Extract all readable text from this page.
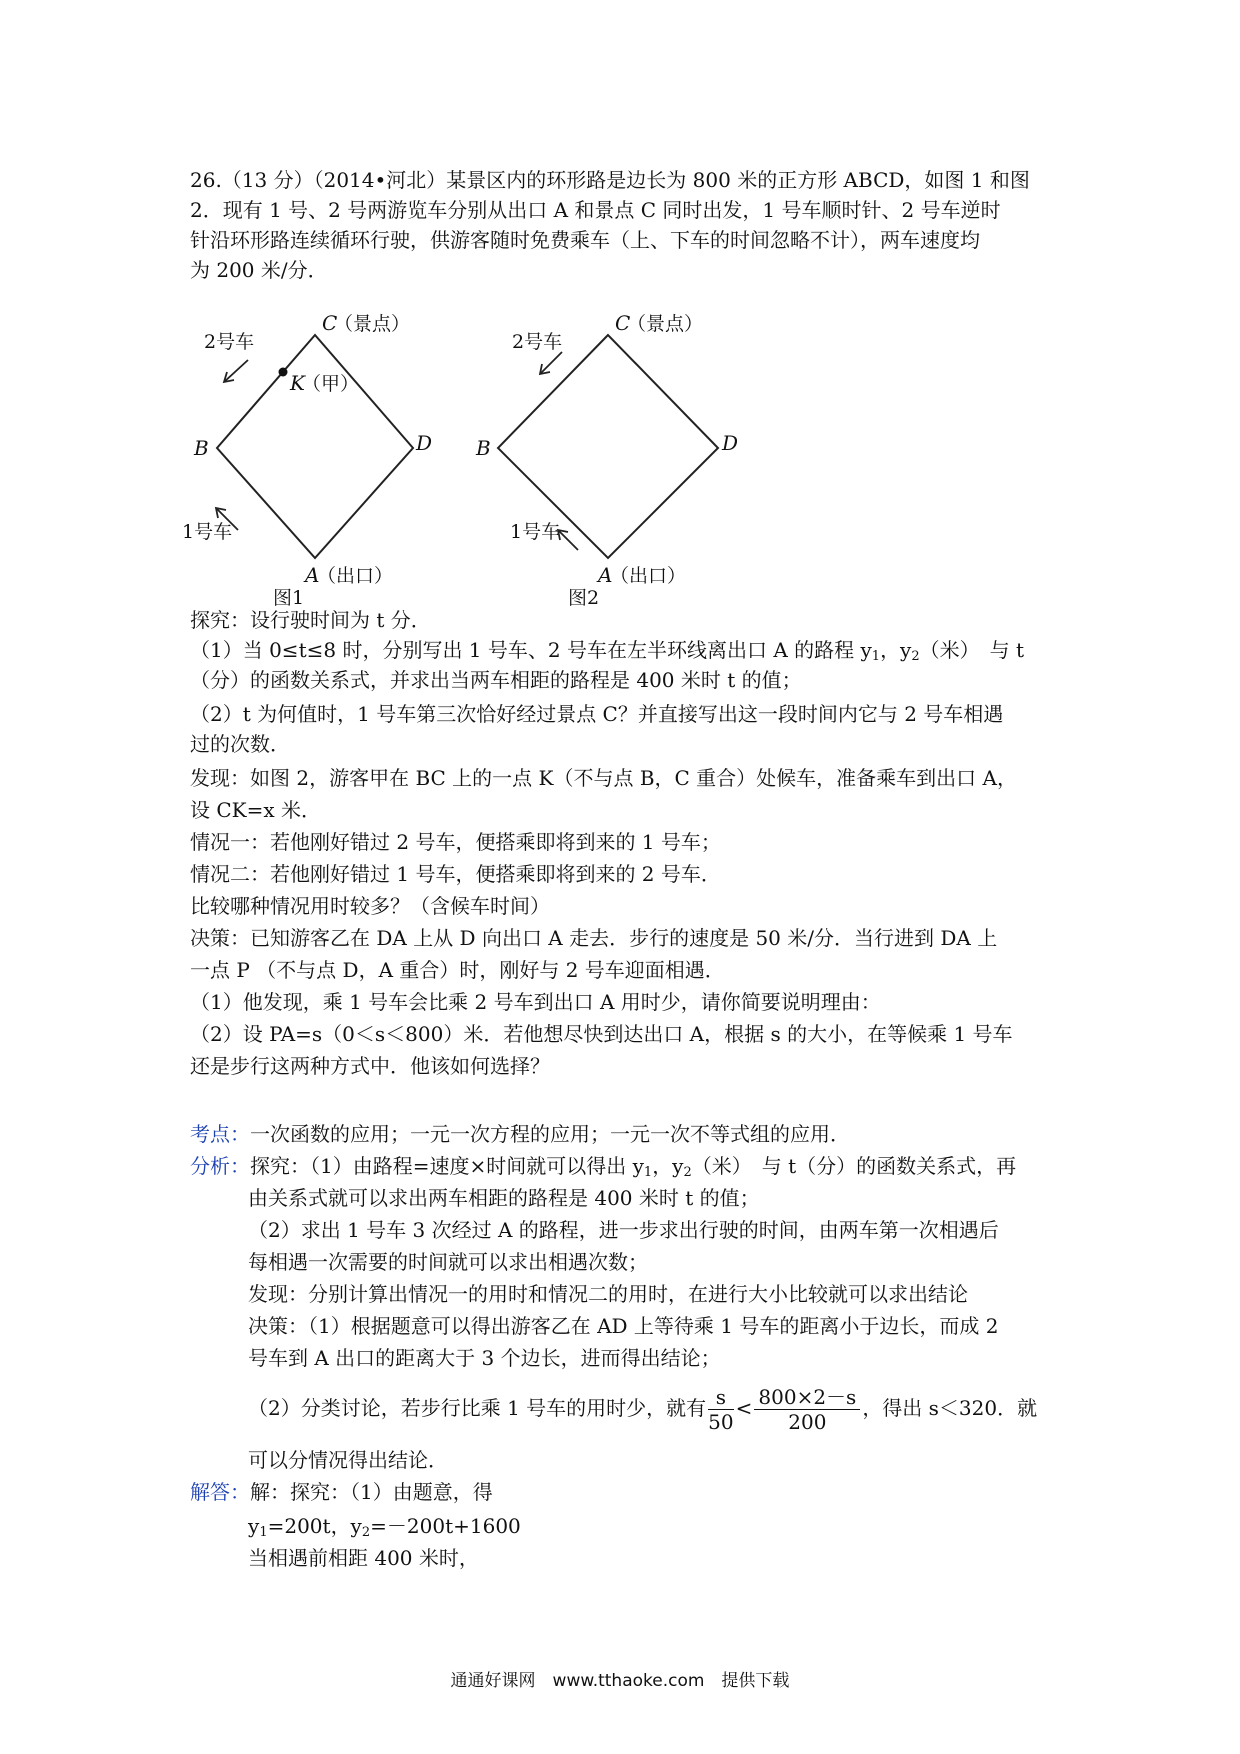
26.（13 分）（2014•河北）某景区内的环形路是边长为 800 米的正方形 ABCD，如图 1 和图
2．现有 1 号、2 号两游览车分别从出口 A 和景点 C 同时出发，1 号车顺时针、2 号车逆时
针沿环形路连续循环行驶，供游客随时免费乘车（上、下车的时间忽略不计），两车速度均
为 200 米/分．
C
（景点）
K
（甲）
B	D
A
（出口）
2号车
1号车
图1
C
（景点）
B	D
A
（出口）
2号车
1号车
图2
探究：设行驶时间为 t 分．
（1）当 0≤t≤8 时，分别写出 1 号车、2 号车在左半环线离出口 A 的路程 $y_1$，$y_2$（米）　与 t
（分）的函数关系式，并求出当两车相距的路程是 400 米时 t 的值；
（2）t 为何值时，1 号车第三次恰好经过景点 C？并直接写出这一段时间内它与 2 号车相遇
过的次数．
发现：如图 2，游客甲在 BC 上的一点 K（不与点 B，C 重合）处候车，准备乘车到出口 A，
设 CK=x 米．
情况一：若他刚好错过 2 号车，便搭乘即将到来的 1 号车；
情况二：若他刚好错过 1 号车，便搭乘即将到来的 2 号车．
比较哪种情况用时较多？（含候车时间）
决策：已知游客乙在 DA 上从 D 向出口 A 走去．步行的速度是 50 米/分．当行进到 DA 上
一点 P （不与点 D，A 重合）时，刚好与 2 号车迎面相遇．
（1）他发现，乘 1 号车会比乘 2 号车到出口 A 用时少，请你简要说明理由：
（2）设 PA=s（0＜s＜800）米．若他想尽快到达出口 A，根据 s 的大小，在等候乘 1 号车
还是步行这两种方式中．他该如何选择？
考点：一次函数的应用；一元一次方程的应用；一元一次不等式组的应用．
分析：探究：（1）由路程=速度×时间就可以得出 $y_1$，$y_2$（米）　与 t（分）的函数关系式，再
由关系式就可以求出两车相距的路程是 400 米时 t 的值；
（2）求出 1 号车 3 次经过 A 的路程，进一步求出行驶的时间，由两车第一次相遇后
每相遇一次需要的时间就可以求出相遇次数；
发现：分别计算出情况一的用时和情况二的用时，在进行大小比较就可以求出结论
决策：（1）根据题意可以得出游客乙在 AD 上等待乘 1 号车的距离小于边长，而成 2
号车到 A 出口的距离大于 3 个边长，进而得出结论；
（2）分类讨论，若步行比乘 1 号车的用时少，就有 $\frac{s}{50} < \frac{800\times 2-s}{200}$ ，得出 s＜320．就
可以分情况得出结论．
解答：解：探究：（1）由题意，得
$y_1=200t$，$y_2=-200t+1600$
当相遇前相距 400 米时，
通通好课网　www.tthaoke.com　提供下载
